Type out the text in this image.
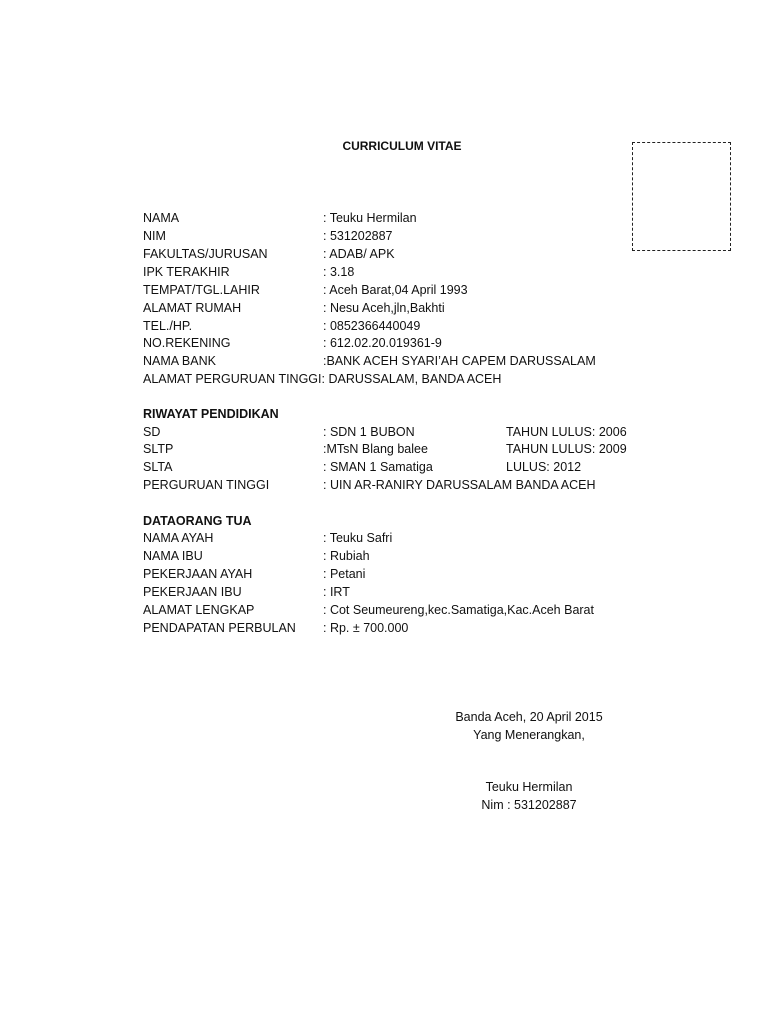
CURRICULUM VITAE
NAMA	: Teuku Hermilan
NIM	: 531202887
FAKULTAS/JURUSAN	: ADAB/ APK
IPK TERAKHIR	: 3.18
TEMPAT/TGL.LAHIR	: Aceh Barat,04 April 1993
ALAMAT RUMAH	: Nesu Aceh,jln,Bakhti
TEL./HP.	: 0852366440049
NO.REKENING	: 612.02.20.019361-9
NAMA BANK	:BANK ACEH SYARI’AH CAPEM DARUSSALAM
ALAMAT PERGURUAN TINGGI: DARUSSALAM, BANDA ACEH
RIWAYAT PENDIDIKAN
SD	: SDN 1 BUBON	TAHUN LULUS: 2006
SLTP	:MTsN Blang balee	TAHUN LULUS: 2009
SLTA	: SMAN 1 Samatiga	LULUS: 2012
PERGURUAN TINGGI	: UIN AR-RANIRY DARUSSALAM BANDA ACEH
DATAORANG TUA
NAMA AYAH	: Teuku Safri
NAMA IBU	: Rubiah
PEKERJAAN AYAH	: Petani
PEKERJAAN IBU	: IRT
ALAMAT LENGKAP	: Cot Seumeureng,kec.Samatiga,Kac.Aceh Barat
PENDAPATAN PERBULAN : Rp. ± 700.000
Banda Aceh, 20 April 2015
Yang Menerangkan,
Teuku Hermilan
Nim : 531202887
